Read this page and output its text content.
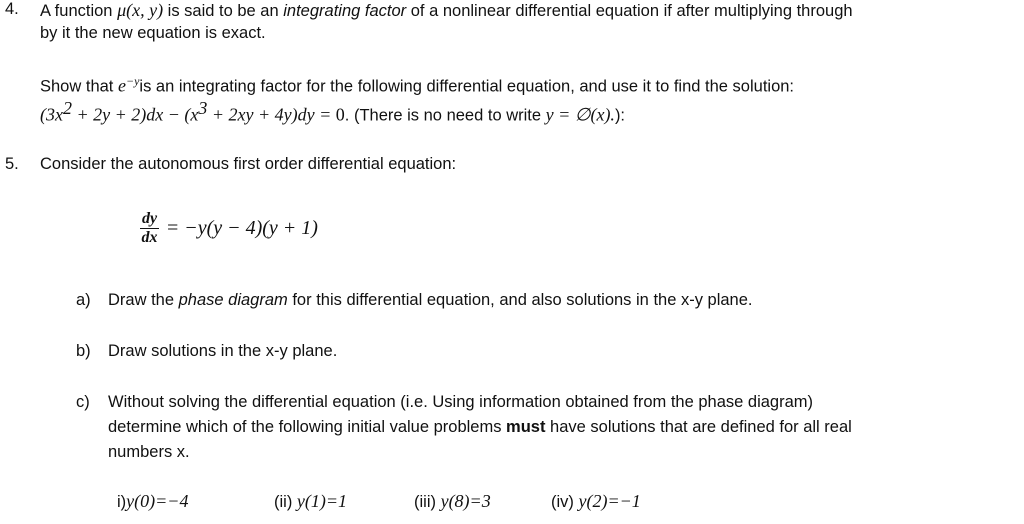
4. A function μ(x, y) is said to be an integrating factor of a nonlinear differential equation if after multiplying through
by it the new equation is exact.
Show that $e^{-y}is$ an integrating factor for the following differential equation, and use it to find the solution:
$(3x^2 + 2y + 2)dx - (x^3 + 2xy + 4y)dy = 0$. (There is no need to write y = ∅(x).):
5. Consider the autonomous first order differential equation:
$\frac{dy}{dx} = -y(y - 4)(y + 1)$
a) Draw the phase diagram for this differential equation, and also solutions in the x-y plane.
b) Draw solutions in the x-y plane.
c) Without solving the differential equation (i.e. Using information obtained from the phase diagram)
determine which of the following initial value problems must have solutions that are defined for all real
numbers x.
i)y(0)=−4	(ii) y(1)=1	(iii) y(8)=3	(iv) y(2)=−1
